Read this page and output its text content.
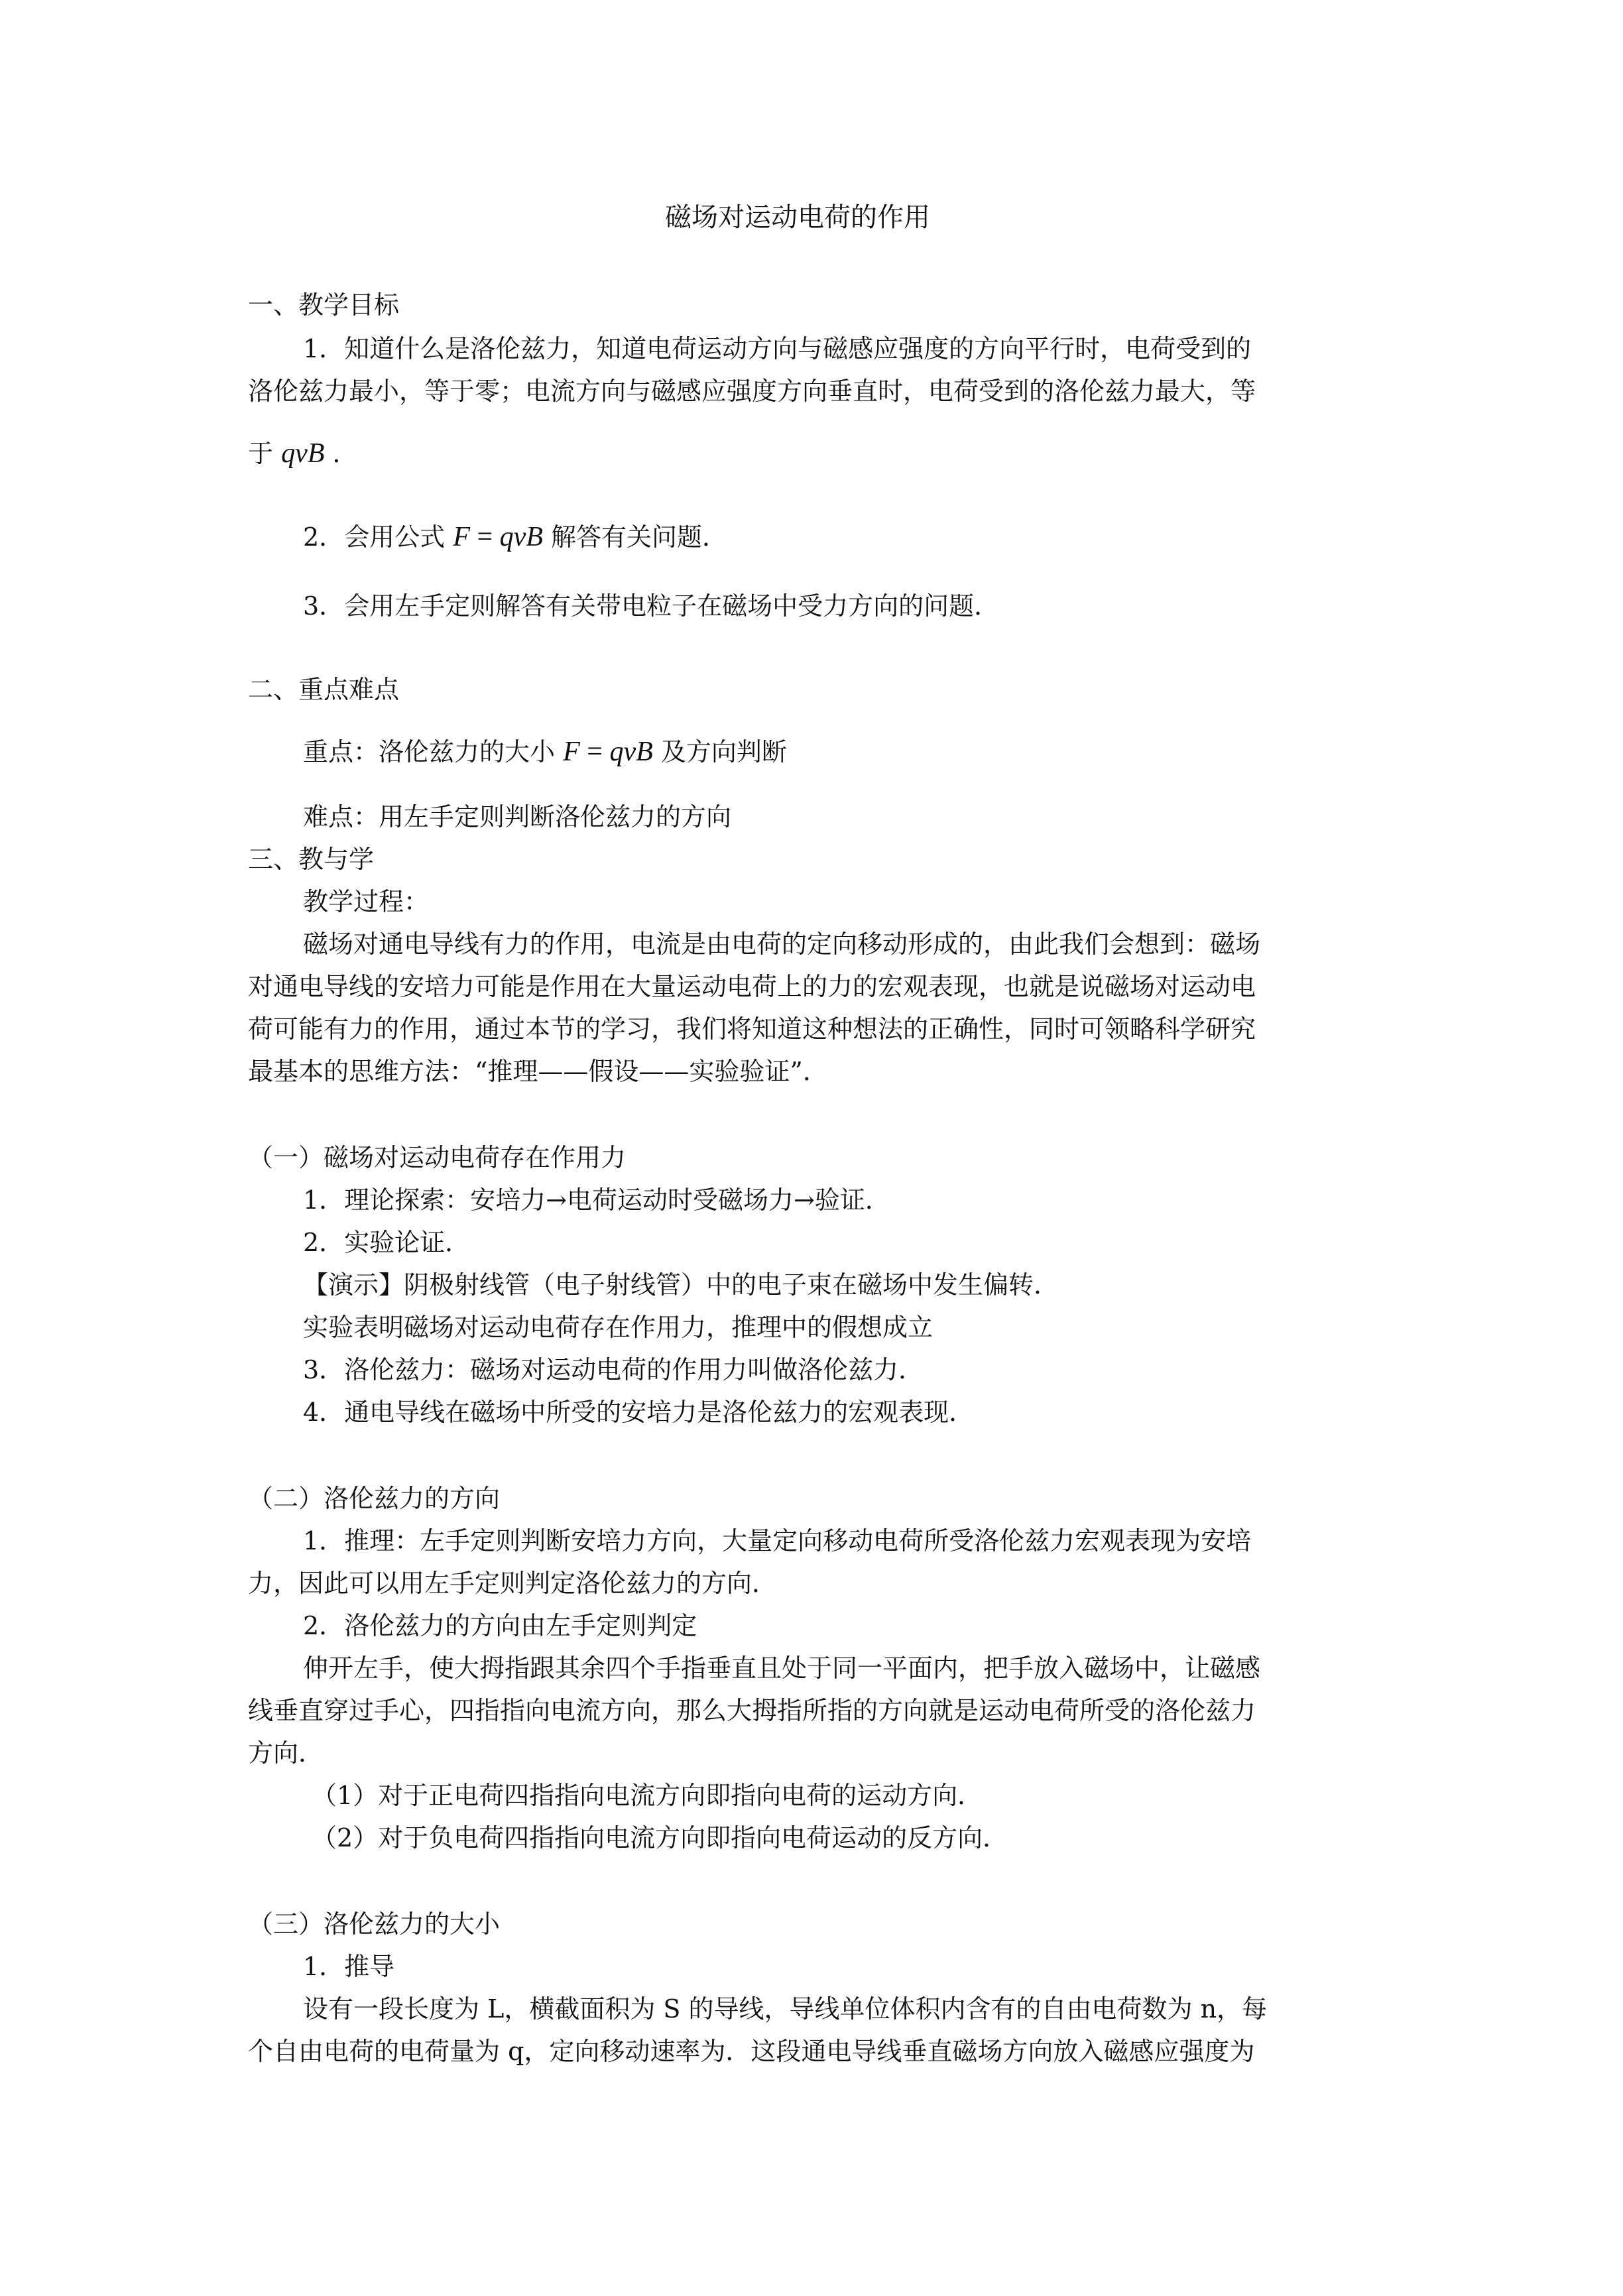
磁场对运动电荷的作用

一、教学目标

1．知道什么是洛伦兹力，知道电荷运动方向与磁感应强度的方向平行时，电荷受到的

洛伦兹力最小，等于零；电流方向与磁感应强度方向垂直时，电荷受到的洛伦兹力最大，等

于 qvB ．

2．会用公式 F = qvB 解答有关问题．

3．会用左手定则解答有关带电粒子在磁场中受力方向的问题．

二、重点难点

重点：洛伦兹力的大小 F = qvB 及方向判断

难点：用左手定则判断洛伦兹力的方向

三、教与学

教学过程：

磁场对通电导线有力的作用，电流是由电荷的定向移动形成的，由此我们会想到：磁场

对通电导线的安培力可能是作用在大量运动电荷上的力的宏观表现，也就是说磁场对运动电

荷可能有力的作用，通过本节的学习，我们将知道这种想法的正确性，同时可领略科学研究

最基本的思维方法：“推理——假设——实验验证”．

（一）磁场对运动电荷存在作用力

1．理论探索：安培力→电荷运动时受磁场力→验证．

2．实验论证．

【演示】阴极射线管（电子射线管）中的电子束在磁场中发生偏转．

实验表明磁场对运动电荷存在作用力，推理中的假想成立

3．洛伦兹力：磁场对运动电荷的作用力叫做洛伦兹力．

4．通电导线在磁场中所受的安培力是洛伦兹力的宏观表现．

（二）洛伦兹力的方向

1．推理：左手定则判断安培力方向，大量定向移动电荷所受洛伦兹力宏观表现为安培

力，因此可以用左手定则判定洛伦兹力的方向．

2．洛伦兹力的方向由左手定则判定

伸开左手，使大拇指跟其余四个手指垂直且处于同一平面内，把手放入磁场中，让磁感

线垂直穿过手心，四指指向电流方向，那么大拇指所指的方向就是运动电荷所受的洛伦兹力

方向．

（1）对于正电荷四指指向电流方向即指向电荷的运动方向．

（2）对于负电荷四指指向电流方向即指向电荷运动的反方向．

（三）洛伦兹力的大小

1．推导

设有一段长度为 L，横截面积为 S 的导线，导线单位体积内含有的自由电荷数为 n，每

个自由电荷的电荷量为 q，定向移动速率为．这段通电导线垂直磁场方向放入磁感应强度为
